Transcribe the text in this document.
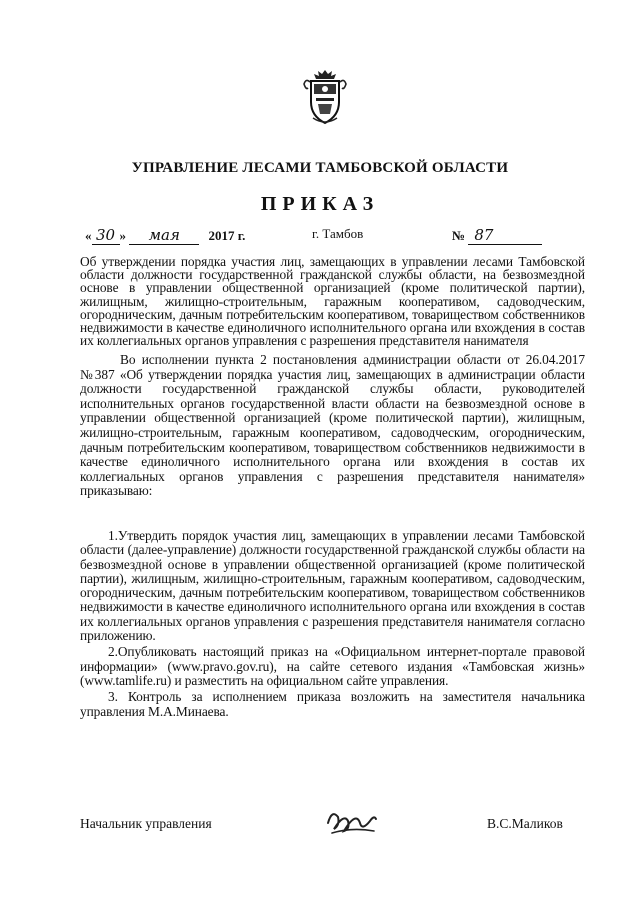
УПРАВЛЕНИЕ ЛЕСАМИ ТАМБОВСКОЙ ОБЛАСТИ
ПРИКАЗ
« 30 » мая 2017 г.	г. Тамбов	№ 87
Об утверждении порядка участия лиц, замещающих в управлении лесами Тамбовской области должности государственной гражданской службы области, на безвозмездной основе в управлении общественной организацией (кроме политической партии), жилищным, жилищно-строительным, гаражным кооперативом, садоводческим, огородническим, дачным потребительским кооперативом, товариществом собственников недвижимости в качестве единоличного исполнительного органа или вхождения в состав их коллегиальных органов управления с разрешения представителя нанимателя
Во исполнении пункта 2 постановления администрации области от 26.04.2017 №387 «Об утверждении порядка участия лиц, замещающих в администрации области должности государственной гражданской службы области, руководителей исполнительных органов государственной власти области на безвозмездной основе в управлении общественной организацией (кроме политической партии), жилищным, жилищно-строительным, гаражным кооперативом, садоводческим, огородническим, дачным потребительским кооперативом, товариществом собственников недвижимости в качестве единоличного исполнительного органа или вхождения в состав их коллегиальных органов управления с разрешения представителя нанимателя» приказываю:

1.Утвердить порядок участия лиц, замещающих в управлении лесами Тамбовской области (далее-управление) должности государственной гражданской службы области на безвозмездной основе в управлении общественной организацией (кроме политической партии), жилищным, жилищно-строительным, гаражным кооперативом, садоводческим, огородническим, дачным потребительским кооперативом, товариществом собственников недвижимости в качестве единоличного исполнительного органа или вхождения в состав их коллегиальных органов управления с разрешения представителя нанимателя согласно приложению.

2.Опубликовать настоящий приказ на «Официальном интернет-портале правовой информации» (www.pravo.gov.ru), на сайте сетевого издания «Тамбовская жизнь» (www.tamlife.ru) и разместить на официальном сайте управления.

3. Контроль за исполнением приказа возложить на заместителя начальника управления М.А.Минаева.

Начальник управления	В.С.Маликов
